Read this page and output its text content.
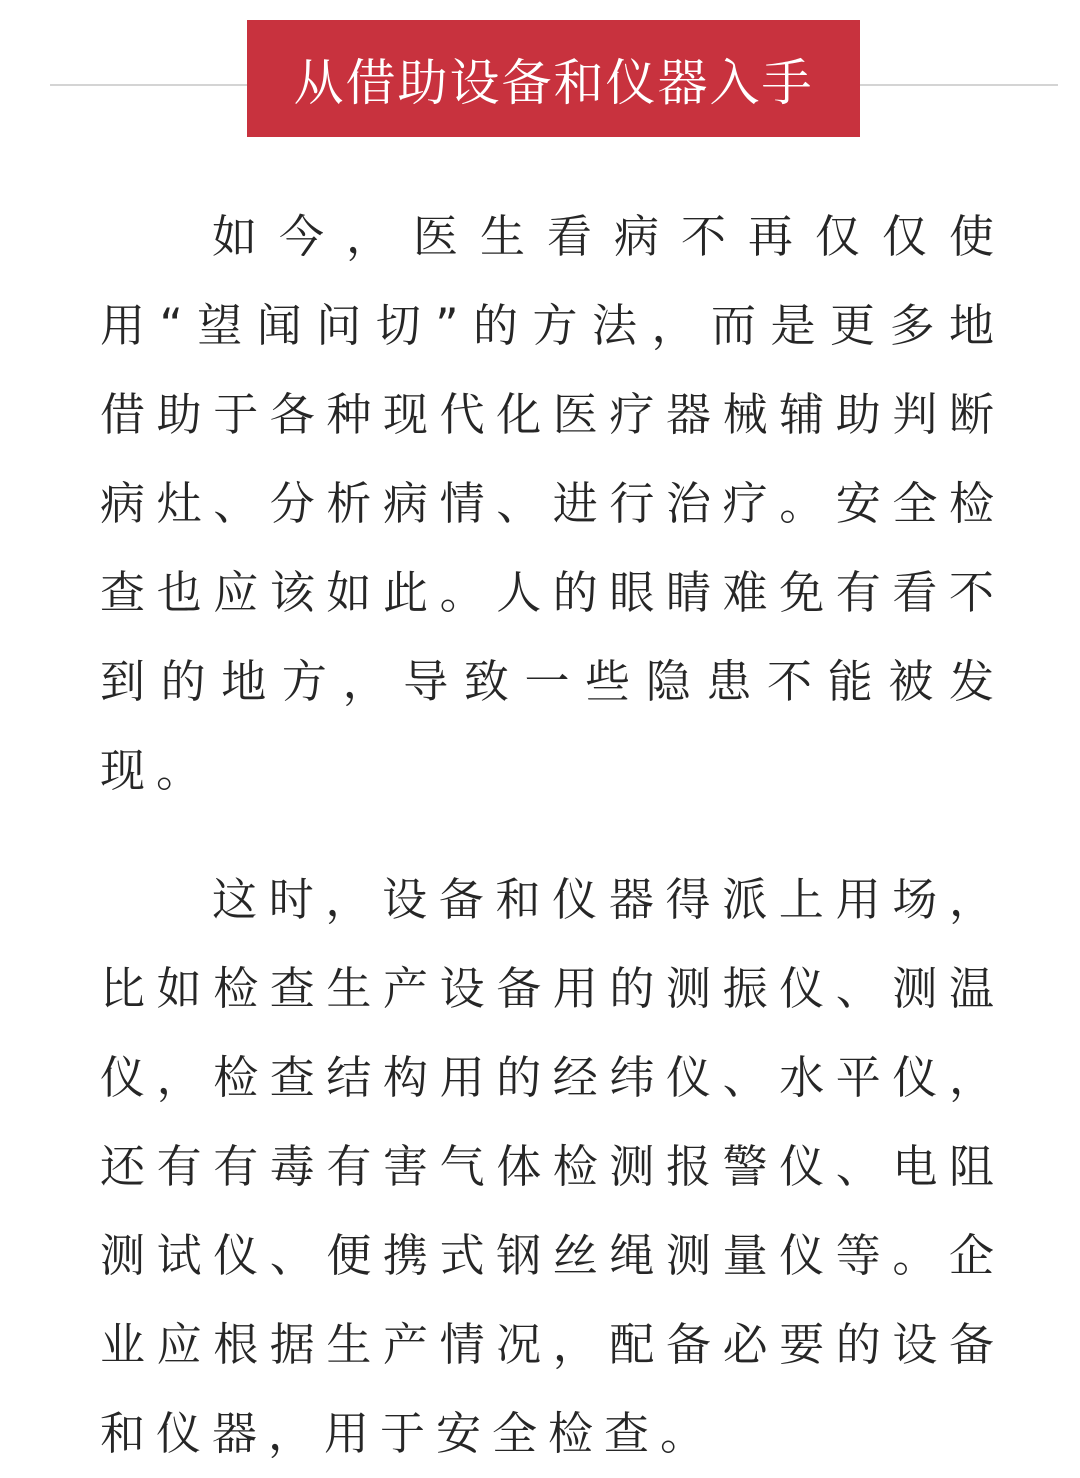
从借助设备和仪器入手

如今，医生看病不再仅仅使用“望闻问切”的方法，而是更多地借助于各种现代化医疗器械辅助判断病灶、分析病情、进行治疗。安全检查也应该如此。人的眼睛难免有看不到的地方，导致一些隐患不能被发现。

这时，设备和仪器得派上用场，比如检查生产设备用的测振仪、测温仪，检查结构用的经纬仪、水平仪，还有有毒有害气体检测报警仪、电阻测试仪、便携式钢丝绳测量仪等。企业应根据生产情况，配备必要的设备和仪器，用于安全检查。
